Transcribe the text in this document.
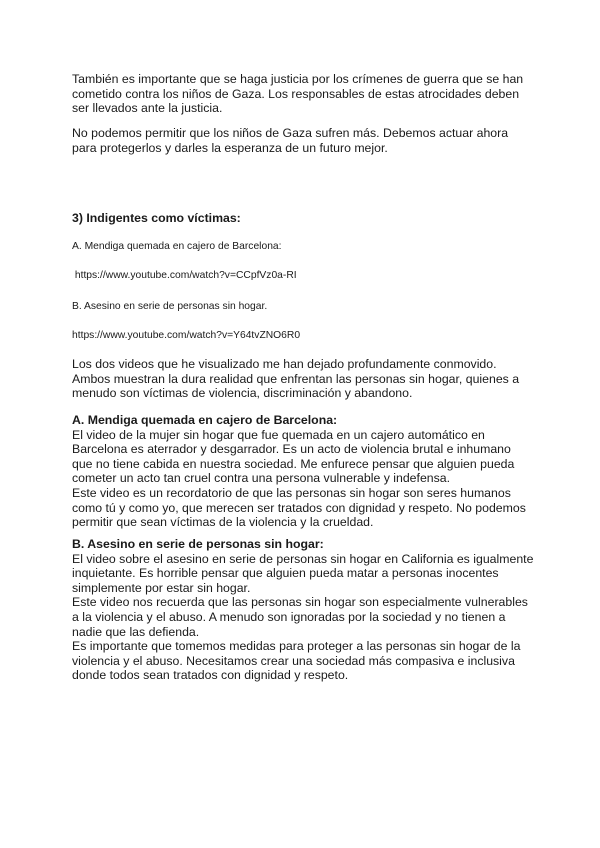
También es importante que se haga justicia por los crímenes de guerra que se han
cometido contra los niños de Gaza. Los responsables de estas atrocidades deben
ser llevados ante la justicia.

No podemos permitir que los niños de Gaza sufren más. Debemos actuar ahora
para protegerlos y darles la esperanza de un futuro mejor.

3) Indigentes como víctimas:

A. Mendiga quemada en cajero de Barcelona:

https://www.youtube.com/watch?v=CCpfVz0a-RI

B. Asesino en serie de personas sin hogar.

https://www.youtube.com/watch?v=Y64tvZNO6R0

Los dos videos que he visualizado me han dejado profundamente conmovido.
Ambos muestran la dura realidad que enfrentan las personas sin hogar, quienes a
menudo son víctimas de violencia, discriminación y abandono.

A. Mendiga quemada en cajero de Barcelona:
El video de la mujer sin hogar que fue quemada en un cajero automático en
Barcelona es aterrador y desgarrador. Es un acto de violencia brutal e inhumano
que no tiene cabida en nuestra sociedad. Me enfurece pensar que alguien pueda
cometer un acto tan cruel contra una persona vulnerable y indefensa.
Este video es un recordatorio de que las personas sin hogar son seres humanos
como tú y como yo, que merecen ser tratados con dignidad y respeto. No podemos
permitir que sean víctimas de la violencia y la crueldad.

B. Asesino en serie de personas sin hogar:
El video sobre el asesino en serie de personas sin hogar en California es igualmente
inquietante. Es horrible pensar que alguien pueda matar a personas inocentes
simplemente por estar sin hogar.
Este video nos recuerda que las personas sin hogar son especialmente vulnerables
a la violencia y el abuso. A menudo son ignoradas por la sociedad y no tienen a
nadie que las defienda.
Es importante que tomemos medidas para proteger a las personas sin hogar de la
violencia y el abuso. Necesitamos crear una sociedad más compasiva e inclusiva
donde todos sean tratados con dignidad y respeto.
